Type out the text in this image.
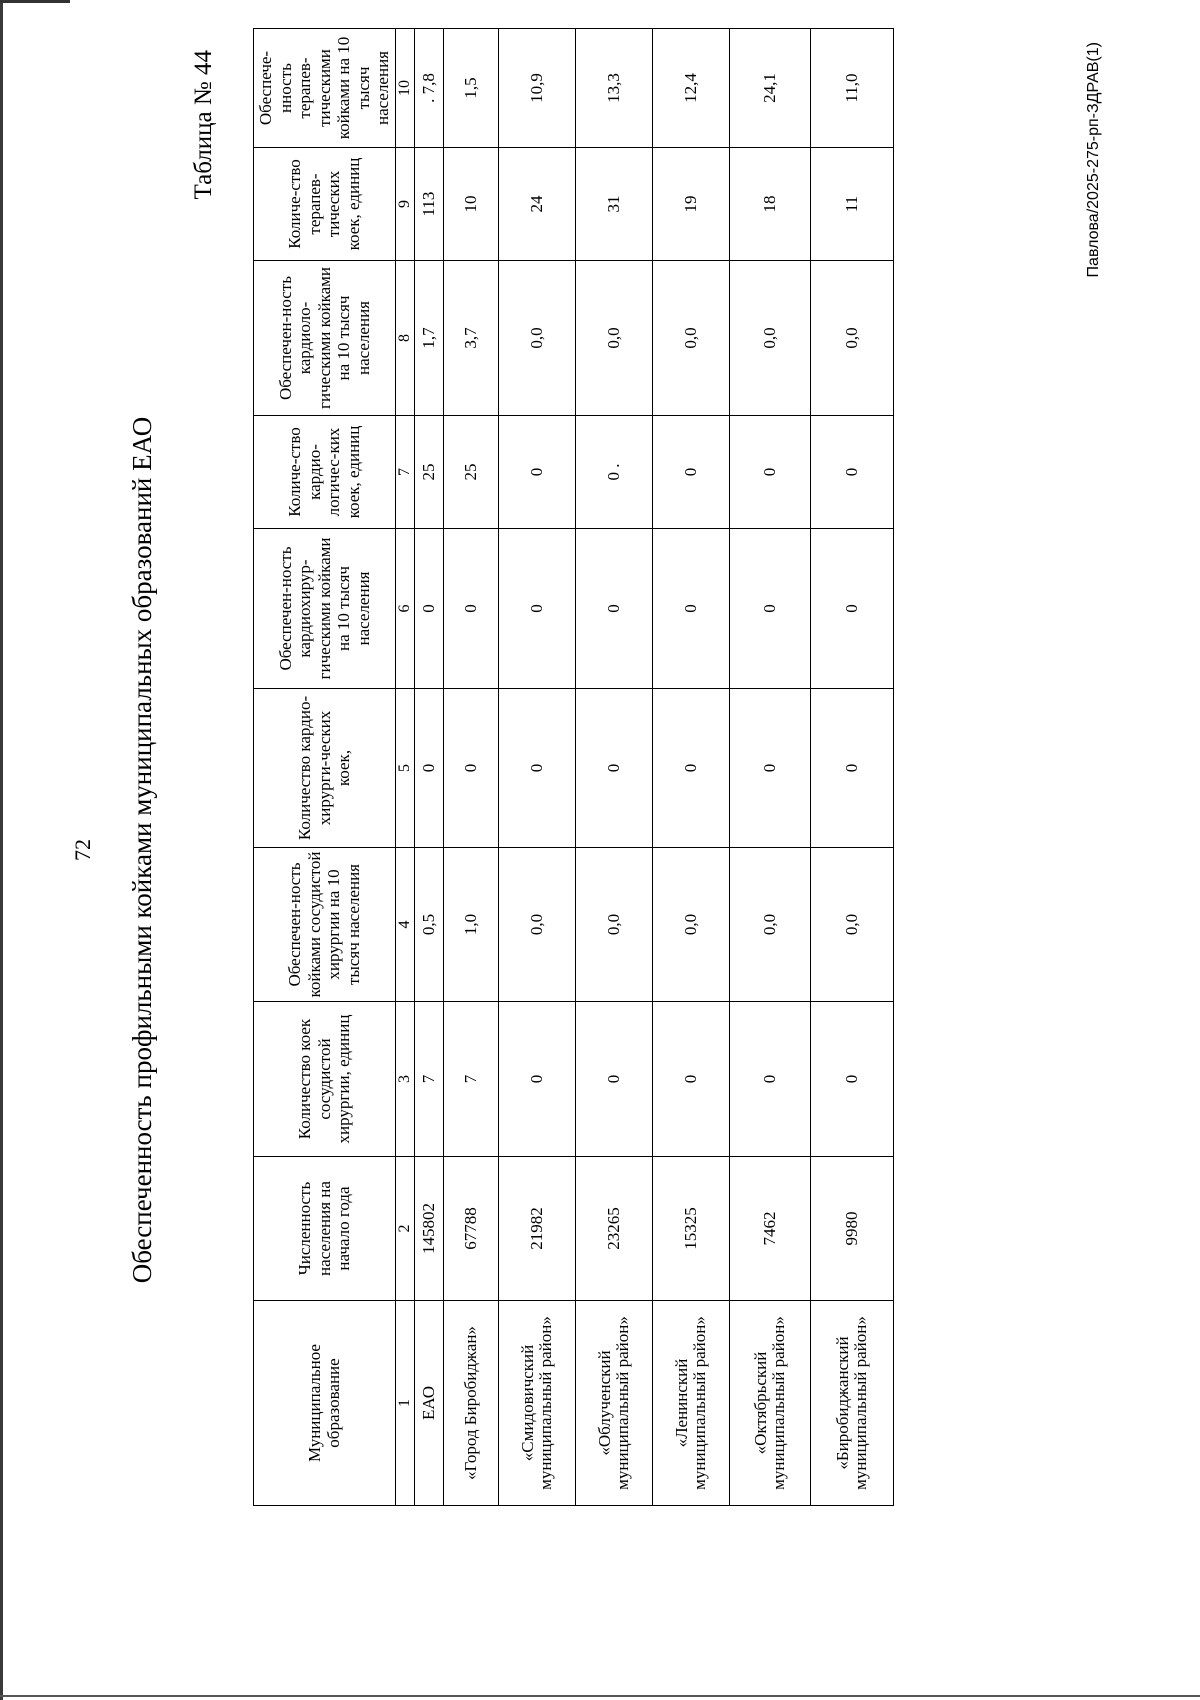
72 Обеспеченность профильными койками муниципальных образований ЕАО
Таблица № 44
Муниципальное образование	Численность населения на начало года	Количество коек сосудистой хирургии, единиц	Обеспечен-ность койками сосудистой хирургии на 10 тысяч населения	Количество кардио-хирурги-ческих коек,	Обеспечен-ность кардиохирур-гическими койками на 10 тысяч населения	Количе-ство кардио-логичес-ких коек, единиц	Обеспечен-ность кардиоло-гическими койками на 10 тысяч населения	Количе-ство терапев-тических коек, единиц	Обеспече-нность терапев-тическими койками на 10 тысяч населения
1	2	3	4	5	6	7	8	9	10
ЕАО	145802	7	0,5	0	0	25	1,7	113	. 7,8
«Город Биробиджан»	67788	7	1,0	0	0	25	3,7	10	1,5
«Смидовичский муниципальный район»	21982	0	0,0	0	0	0	0,0	24	10,9
«Облученский муниципальный район»	23265	0	0,0	0	0	0 .	0,0	31	13,3
«Ленинский муниципальный район»	15325	0	0,0	0	0	0	0,0	19	12,4
«Октябрьский муниципальный район»	7462	0	0,0	0	0	0	0,0	18	24,1
«Биробиджанский муниципальный район»	9980	0	0,0	0	0	0	0,0	11	11,0	Павлова/2025-275-рп-ЗДРАВ(1)
